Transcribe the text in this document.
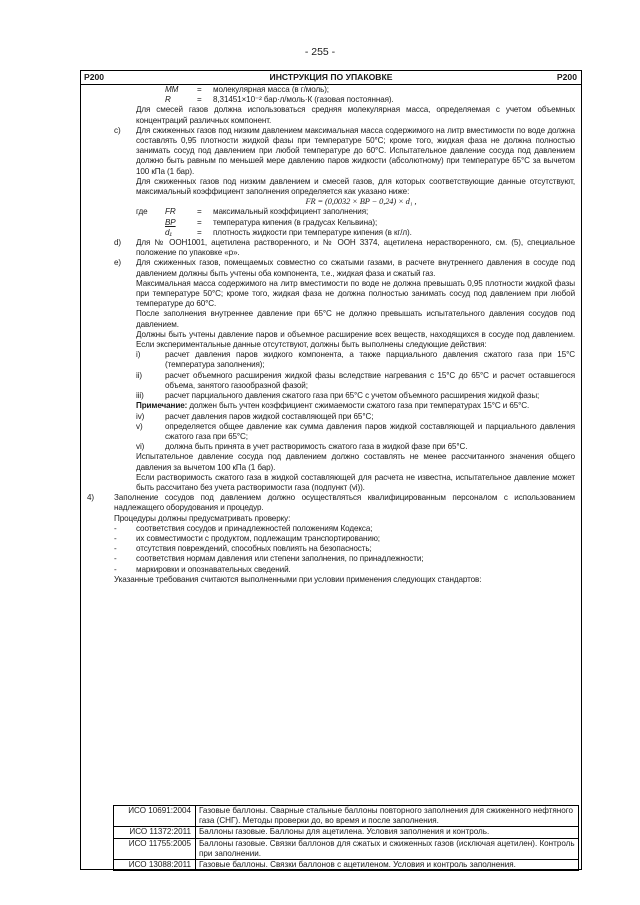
- 255 -
P200	ИНСТРУКЦИЯ ПО УПАКОВКЕ	P200
MM	=	молекулярная масса (в г/моль);
R	=	8,31451×10⁻² бар·л/моль·К (газовая постоянная).
Для смесей газов должна использоваться средняя молекулярная масса, определяемая с учетом объемных концентраций различных компонент.
c) Для сжиженных газов под низким давлением максимальная масса содержимого на литр вместимости по воде должна составлять 0,95 плотности жидкой фазы при температуре 50°C; кроме того, жидкая фаза не должна полностью занимать сосуд под давлением при любой температуре до 60°C. Испытательное давление сосуда под давлением должно быть равным по меньшей мере давлению паров жидкости (абсолютному) при температуре 65°C за вычетом 100 кПа (1 бар).
Для сжиженных газов под низким давлением и смесей газов, для которых соответствующие данные отсутствуют, максимальный коэффициент заполнения определяется как указано ниже:
FR = (0,0032 × BP − 0,24) × d₁ ,
где	FR	=	максимальный коэффициент заполнения;
BP	=	температура кипения (в градусах Кельвина);
d₁	=	плотность жидкости при температуре кипения (в кг/л).
d) Для № ООН1001, ацетилена растворенного, и № ООН 3374, ацетилена нерастворенного, см. (5), специальное положение по упаковке «р».
e) Для сжиженных газов, помещаемых совместно со сжатыми газами, в расчете внутреннего давления в сосуде под давлением должны быть учтены оба компонента, т.е., жидкая фаза и сжатый газ.
Максимальная масса содержимого на литр вместимости по воде не должна превышать 0,95 плотности жидкой фазы при температуре 50°C; кроме того, жидкая фаза не должна полностью занимать сосуд под давлением при любой температуре до 60°C.
После заполнения внутреннее давление при 65°C не должно превышать испытательного давления сосудов под давлением.
Должны быть учтены давление паров и объемное расширение всех веществ, находящихся в сосуде под давлением. Если экспериментальные данные отсутствуют, должны быть выполнены следующие действия:
i)	расчет давления паров жидкого компонента, а также парциального давления сжатого газа при 15°C (температура заполнения);
ii)	расчет объемного расширения жидкой фазы вследствие нагревания с 15°C до 65°C и расчет оставшегося объема, занятого газообразной фазой;
iii)	расчет парциального давления сжатого газа при 65°C с учетом объемного расширения жидкой фазы;
Примечание: должен быть учтен коэффициент сжимаемости сжатого газа при температурах 15°C и 65°C.
iv)	расчет давления паров жидкой составляющей при 65°C;
v)	определяется общее давление как сумма давления паров жидкой составляющей и парциального давления сжатого газа при 65°C;
vi)	должна быть принята в учет растворимость сжатого газа в жидкой фазе при 65°C.
Испытательное давление сосуда под давлением должно составлять не менее рассчитанного значения общего давления за вычетом 100 кПа (1 бар).
Если растворимость сжатого газа в жидкой составляющей для расчета не известна, испытательное давление может быть рассчитано без учета растворимости газа (подпункт (vi)).
4) Заполнение сосудов под давлением должно осуществляться квалифицированным персоналом с использованием надлежащего оборудования и процедур.
Процедуры должны предусматривать проверку:
- соответствия сосудов и принадлежностей положениям Кодекса;
- их совместимости с продуктом, подлежащим транспортированию;
- отсутствия повреждений, способных повлиять на безопасность;
- соответствия нормам давления или степени заполнения, по принадлежности;
- маркировки и опознавательных сведений.
Указанные требования считаются выполненными при условии применения следующих стандартов:
ИСО 10691:2004	Газовые баллоны. Сварные стальные баллоны повторного заполнения для сжиженного нефтяного газа (СНГ). Методы проверки до, во время и после заполнения.
ИСО 11372:2011	Баллоны газовые. Баллоны для ацетилена. Условия заполнения и контроль.
ИСО 11755:2005	Баллоны газовые. Связки баллонов для сжатых и сжиженных газов (исключая ацетилен). Контроль при заполнении.
ИСО 13088:2011	Газовые баллоны. Связки баллонов с ацетиленом. Условия и контроль заполнения.
